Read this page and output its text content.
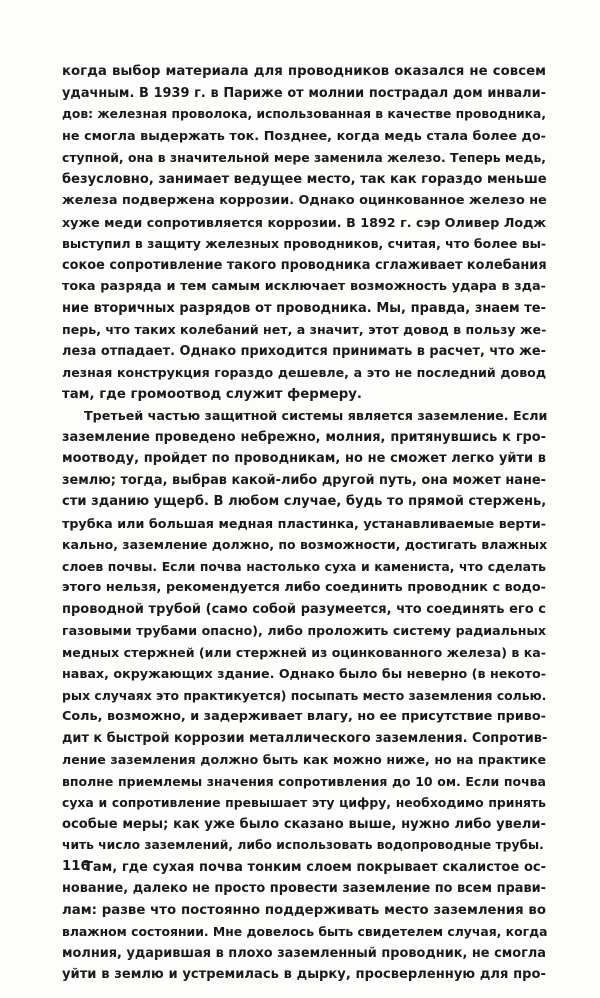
когда выбор материала для проводников оказался не совсем
удачным. В 1939 г. в Париже от молнии пострадал дом инвали-
дов: железная проволока, использованная в качестве проводника,
не смогла выдержать ток. Позднее, когда медь стала более до-
ступной, она в значительной мере заменила железо. Теперь медь,
безусловно, занимает ведущее место, так как гораздо меньше
железа подвержена коррозии. Однако оцинкованное железо не
хуже меди сопротивляется коррозии. В 1892 г. сэр Оливер Лодж
выступил в защиту железных проводников, считая, что более вы-
сокое сопротивление такого проводника сглаживает колебания
тока разряда и тем самым исключает возможность удара в зда-
ние вторичных разрядов от проводника. Мы, правда, знаем те-
перь, что таких колебаний нет, а значит, этот довод в пользу же-
леза отпадает. Однако приходится принимать в расчет, что же-
лезная конструкция гораздо дешевле, а это не последний довод
там, где громоотвод служит фермеру.
Третьей частью защитной системы является заземление. Если
заземление проведено небрежно, молния, притянувшись к гро-
моотводу, пройдет по проводникам, но не сможет легко уйти в
землю; тогда, выбрав какой-либо другой путь, она может нане-
сти зданию ущерб. В любом случае, будь то прямой стержень,
трубка или большая медная пластинка, устанавливаемые верти-
кально, заземление должно, по возможности, достигать влажных
слоев почвы. Если почва настолько суха и камениста, что сделать
этого нельзя, рекомендуется либо соединить проводник с водо-
проводной трубой (само собой разумеется, что соединять его с
газовыми трубами опасно), либо проложить систему радиальных
медных стержней (или стержней из оцинкованного железа) в ка-
навах, окружающих здание. Однако было бы неверно (в некото-
рых случаях это практикуется) посыпать место заземления солью.
Соль, возможно, и задерживает влагу, но ее присутствие приво-
дит к быстрой коррозии металлического заземления. Сопротив-
ление заземления должно быть как можно ниже, но на практике
вполне приемлемы значения сопротивления до 10 ом. Если почва
суха и сопротивление превышает эту цифру, необходимо принять
особые меры; как уже было сказано выше, нужно либо увели-
чить число заземлений, либо использовать водопроводные трубы.
Там, где сухая почва тонким слоем покрывает скалистое ос-
нование, далеко не просто провести заземление по всем прави-
лам: разве что постоянно поддерживать место заземления во
влажном состоянии. Мне довелось быть свидетелем случая, когда
молния, ударившая в плохо заземленный проводник, не смогла
уйти в землю и устремилась в дырку, просверленную для про-
116
